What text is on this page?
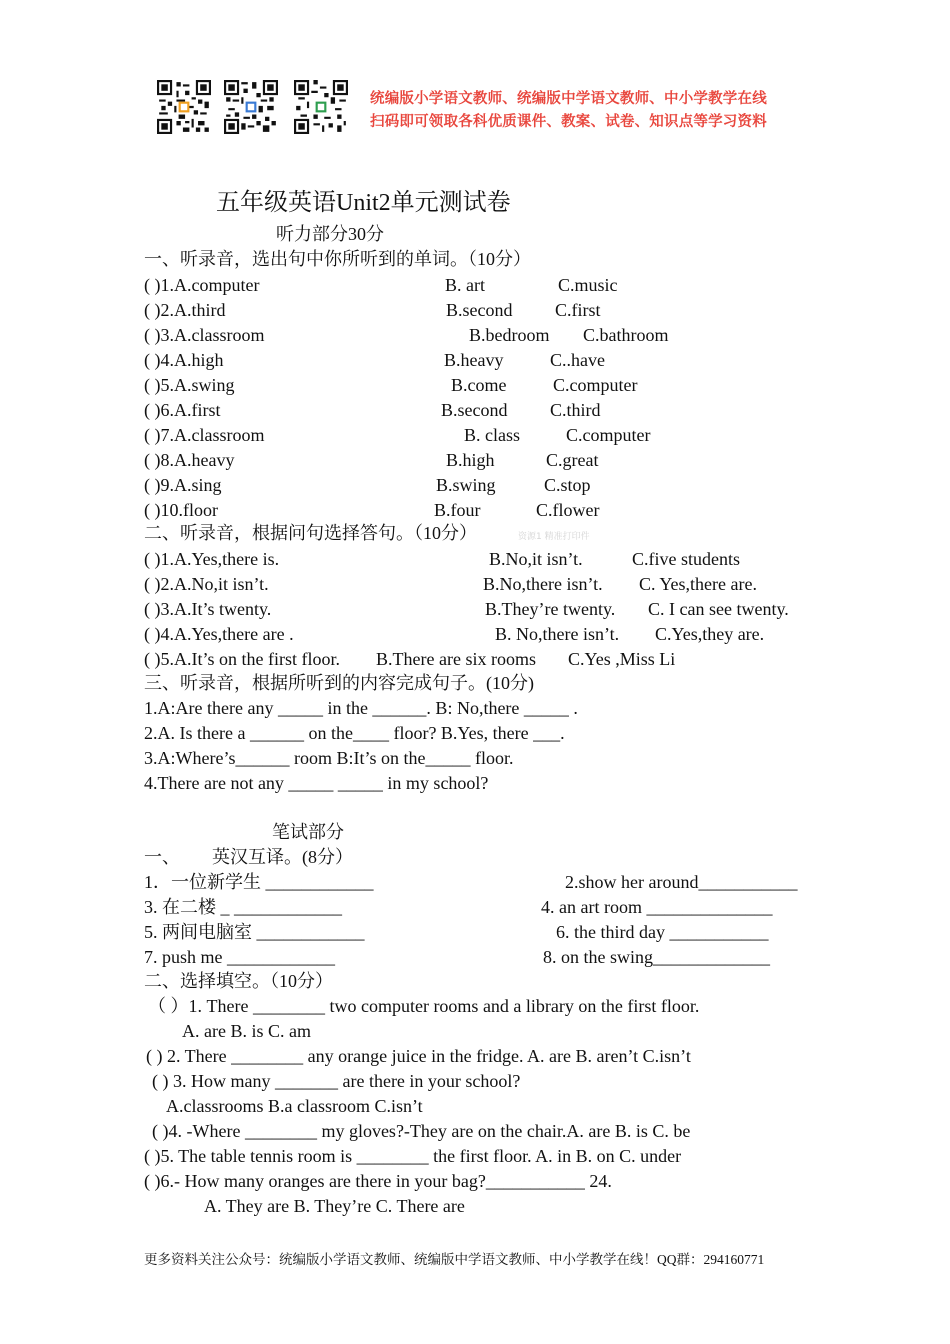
统编版小学语文教师、统编版中学语文教师、中小学教学在线
扫码即可领取各科优质课件、教案、试卷、知识点等学习资料
五年级英语Unit2单元测试卷
听力部分30分
一、听录音，选出句中你所听到的单词。（10分）
( )1.A.computer	B. art	C.music
( )2.A.third	B.second C.first
( )3.A.classroom	B.bedroom C.bathroom
( )4.A.high	B.heavy	C..have
( )5.A.swing	B.come	C.computer
( )6.A.first	B.second C.third
( )7.A.classroom	B. class	C.computer
( )8.A.heavy	B.high	C.great
( )9.A.sing	B.swing	C.stop
( )10.floor	B.four	C.flower
二、听录音，根据问句选择答句。（10分）	资源1 精准打印件
( )1.A.Yes,there is.	B.No,it isn’t.	C.five students
( )2.A.No,it isn’t.	B.No,there isn’t. C. Yes,there are.
( )3.A.It’s twenty.	B.They’re twenty. C. I can see twenty.
( )4.A.Yes,there are .	B. No,there isn’t. C.Yes,they are.
( )5.A.It’s on the first floor. B.There are six rooms C.Yes ,Miss Li
三、听录音，根据所听到的内容完成句子。(10分)
1.A:Are there any _____ in the ______. B: No,there _____ .
2.A. Is there a ______ on the____ floor? B.Yes, there ___.
3.A:Where’s______ room B:It’s on the_____ floor.
4.There are not any _____ _____ in my school?
笔试部分
一、 英汉互译。(8分）
1．一位新学生 ____________	2.show her around___________
3. 在二楼 _ ____________	4. an art room ______________
5. 两间电脑室 ____________	6. the third day ___________
7. push me ____________	8. on the swing_____________
二、选择填空。（10分）
（ ）1. There ________ two computer rooms and a library on the first floor.
A. are B. is C. am
( ) 2. There ________ any orange juice in the fridge. A. are B. aren’t C.isn’t
( ) 3. How many _______ are there in your school?
A.classrooms B.a classroom C.isn’t
( )4. -Where ________ my gloves?-They are on the chair.A. are B. is C. be
( )5. The table tennis room is ________ the first floor. A. in B. on C. under
( )6.- How many oranges are there in your bag?___________ 24.
A. They are B. They’re C. There are
更多资料关注公众号：统编版小学语文教师、统编版中学语文教师、中小学教学在线！QQ群：294160771
